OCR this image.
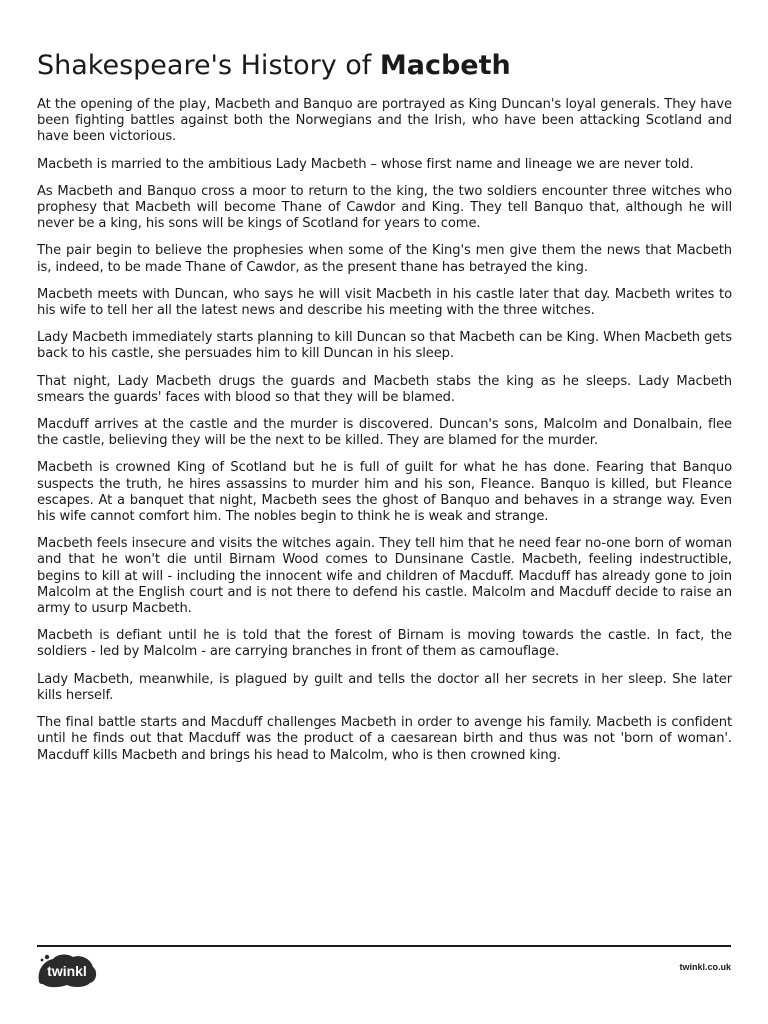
Shakespeare's History of Macbeth

At the opening of the play, Macbeth and Banquo are portrayed as King Duncan's loyal generals. They have been fighting battles against both the Norwegians and the Irish, who have been attacking Scotland and have been victorious.

Macbeth is married to the ambitious Lady Macbeth – whose first name and lineage we are never told.

As Macbeth and Banquo cross a moor to return to the king, the two soldiers encounter three witches who prophesy that Macbeth will become Thane of Cawdor and King. They tell Banquo that, although he will never be a king, his sons will be kings of Scotland for years to come.

The pair begin to believe the prophesies when some of the King's men give them the news that Macbeth is, indeed, to be made Thane of Cawdor, as the present thane has betrayed the king.

Macbeth meets with Duncan, who says he will visit Macbeth in his castle later that day. Macbeth writes to his wife to tell her all the latest news and describe his meeting with the three witches.

Lady Macbeth immediately starts planning to kill Duncan so that Macbeth can be King. When Macbeth gets back to his castle, she persuades him to kill Duncan in his sleep.

That night, Lady Macbeth drugs the guards and Macbeth stabs the king as he sleeps. Lady Macbeth smears the guards' faces with blood so that they will be blamed.

Macduff arrives at the castle and the murder is discovered. Duncan's sons, Malcolm and Donalbain, flee the castle, believing they will be the next to be killed. They are blamed for the murder.

Macbeth is crowned King of Scotland but he is full of guilt for what he has done. Fearing that Banquo suspects the truth, he hires assassins to murder him and his son, Fleance. Banquo is killed, but Fleance escapes. At a banquet that night, Macbeth sees the ghost of Banquo and behaves in a strange way. Even his wife cannot comfort him. The nobles begin to think he is weak and strange.

Macbeth feels insecure and visits the witches again. They tell him that he need fear no-one born of woman and that he won't die until Birnam Wood comes to Dunsinane Castle. Macbeth, feeling indestructible, begins to kill at will - including the innocent wife and children of Macduff. Macduff has already gone to join Malcolm at the English court and is not there to defend his castle. Malcolm and Macduff decide to raise an army to usurp Macbeth.

Macbeth is defiant until he is told that the forest of Birnam is moving towards the castle. In fact, the soldiers - led by Malcolm - are carrying branches in front of them as camouflage.

Lady Macbeth, meanwhile, is plagued by guilt and tells the doctor all her secrets in her sleep. She later kills herself.

The final battle starts and Macduff challenges Macbeth in order to avenge his family. Macbeth is confident until he finds out that Macduff was the product of a caesarean birth and thus was not 'born of woman'. Macduff kills Macbeth and brings his head to Malcolm, who is then crowned king.

twinkl	twinkl.co.uk
